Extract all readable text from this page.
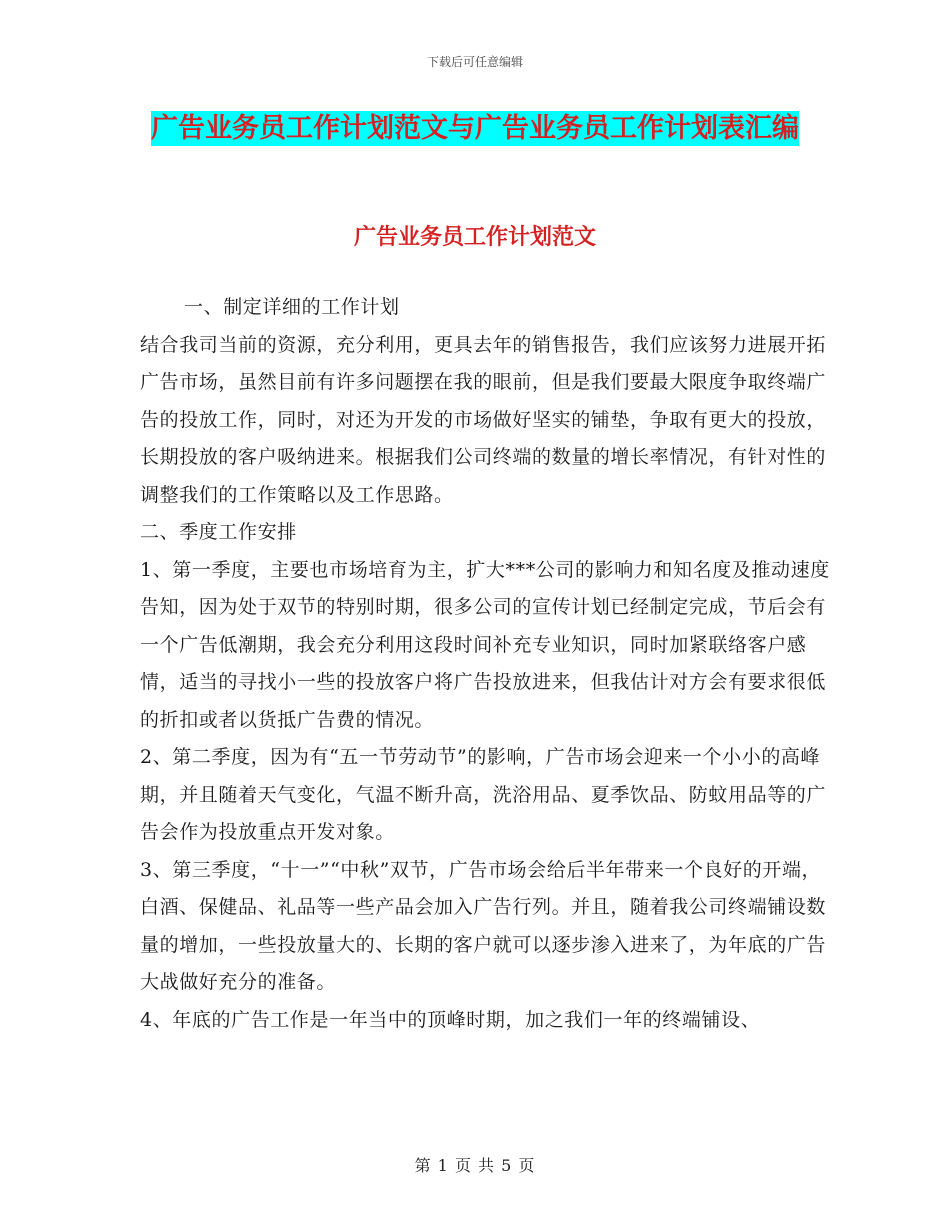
下载后可任意编辑
广告业务员工作计划范文与广告业务员工作计划表汇编
广告业务员工作计划范文

一、制定详细的工作计划

结合我司当前的资源，充分利用，更具去年的销售报告，我们应该努力进展开拓广告市场，虽然目前有许多问题摆在我的眼前，但是我们要最大限度争取终端广告的投放工作，同时，对还为开发的市场做好坚实的铺垫，争取有更大的投放，长期投放的客户吸纳进来。根据我们公司终端的数量的增长率情况，有针对性的调整我们的工作策略以及工作思路。

二、季度工作安排

1、第一季度，主要也市场培育为主，扩大***公司的影响力和知名度及推动速度告知，因为处于双节的特别时期，很多公司的宣传计划已经制定完成，节后会有一个广告低潮期，我会充分利用这段时间补充专业知识，同时加紧联络客户感情，适当的寻找小一些的投放客户将广告投放进来，但我估计对方会有要求很低的折扣或者以货抵广告费的情况。

2、第二季度，因为有“五一节劳动节”的影响，广告市场会迎来一个小小的高峰期，并且随着天气变化，气温不断升高，洗浴用品、夏季饮品、防蚊用品等的广告会作为投放重点开发对象。

3、第三季度，“十一”“中秋”双节，广告市场会给后半年带来一个良好的开端，白酒、保健品、礼品等一些产品会加入广告行列。并且，随着我公司终端铺设数量的增加，一些投放量大的、长期的客户就可以逐步渗入进来了，为年底的广告大战做好充分的准备。

4、年底的广告工作是一年当中的顶峰时期，加之我们一年的终端铺设、

第 1 页 共 5 页
